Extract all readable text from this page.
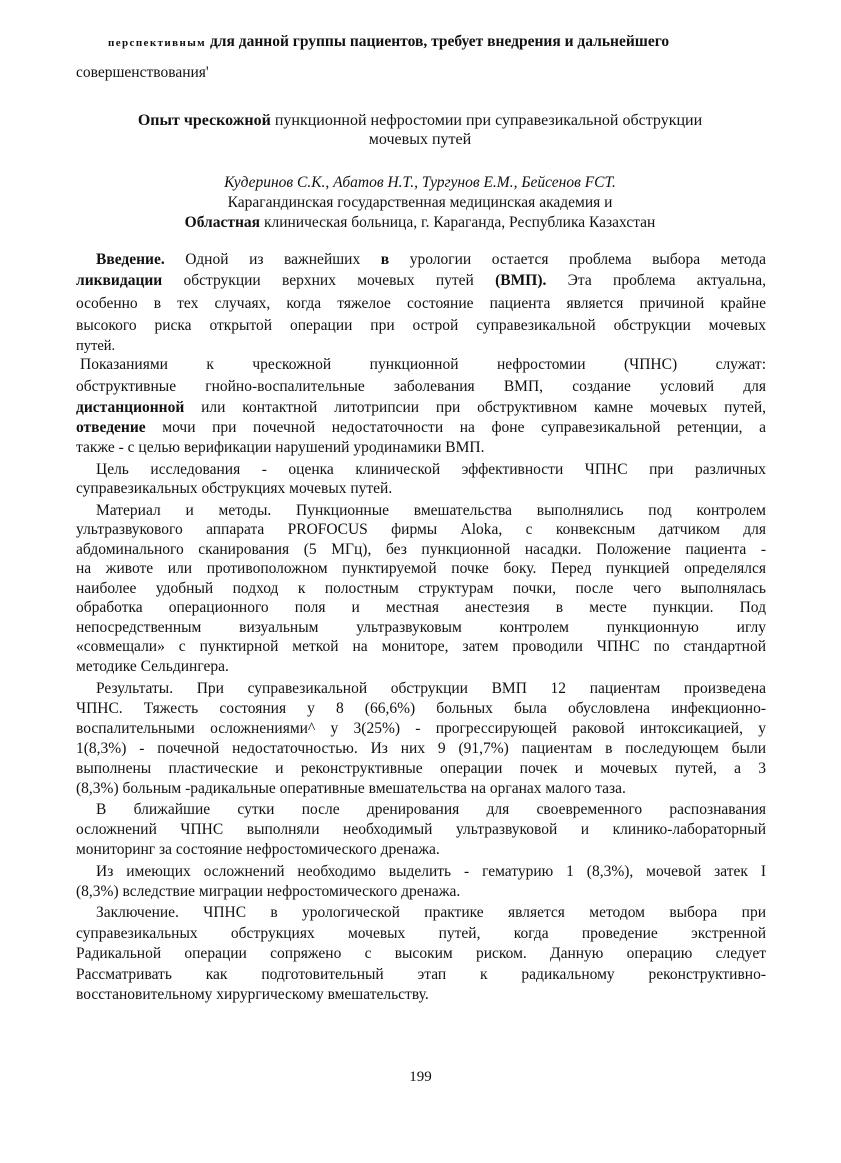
перспективным для данной группы пациентов, требует внедрения и дальнейшего
совершенствования'
Опыт чрескожной пункционной нефростомии при суправезикальной обструкции
мочевых путей
Кудеринов С.К., Абатов Н.Т., Тургунов Е.М., Бейсенов FCT.
Карагандинская государственная медицинская академия и
Областная клиническая больница, г. Караганда, Республика Казахстан
Введение. Одной из важнейших в урологии остается проблема выбора метода
ликвидации обструкции верхних мочевых путей (ВМП). Эта проблема актуальна,
особенно в тех случаях, когда тяжелое состояние пациента является причиной крайне
высокого риска открытой операции при острой суправезикальной обструкции мочевых
путей.
Показаниями к чрескожной пункционной нефростомии (ЧПНС) служат:
обструктивные гнойно-воспалительные заболевания ВМП, создание условий для
дистанционной или контактной литотрипсии при обструктивном камне мочевых путей,
отведение мочи при почечной недостаточности на фоне суправезикальной ретенции, а
также - с целью верификации нарушений уродинамики ВМП.
Цель исследования - оценка клинической эффективности ЧПНС при различных
суправезикальных обструкциях мочевых путей.
Материал и методы. Пункционные вмешательства выполнялись под контролем
ультразвукового аппарата PROFOCUS фирмы Aloka, с конвексным датчиком для
абдоминального сканирования (5 МГц), без пункционной насадки. Положение пациента -
на животе или противоположном пунктируемой почке боку. Перед пункцией определялся
наиболее удобный подход к полостным структурам почки, после чего выполнялась
обработка операционного поля и местная анестезия в месте пункции. Под
непосредственным визуальным ультразвуковым контролем пункционную иглу
«совмещали» с пунктирной меткой на мониторе, затем проводили ЧПНС по стандартной
методике Сельдингера.
Результаты. При суправезикальной обструкции ВМП 12 пациентам произведена
ЧПНС. Тяжесть состояния у 8 (66,6%) больных была обусловлена инфекционно-
воспалительными осложнениями^ у 3(25%) - прогрессирующей раковой интоксикацией, у
1(8,3%) - почечной недостаточностью. Из них 9 (91,7%) пациентам в последующем были
выполнены пластические и реконструктивные операции почек и мочевых путей, а 3
(8,3%) больным -радикальные оперативные вмешательства на органах малого таза.
В ближайшие сутки после дренирования для своевременного распознавания
осложнений ЧПНС выполняли необходимый ультразвуковой и клинико-лабораторный
мониторинг за состояние нефростомического дренажа.
Из имеющих осложнений необходимо выделить - гематурию 1 (8,3%), мочевой затек I
(8,3%) вследствие миграции нефростомического дренажа.
Заключение. ЧПНС в урологической практике является методом выбора при
суправезикальных обструкциях мочевых путей, когда проведение экстренной
Радикальной операции сопряжено с высоким риском. Данную операцию следует
Рассматривать как подготовительный этап к радикальному реконструктивно-
восстановительному хирургическому вмешательству.
199
